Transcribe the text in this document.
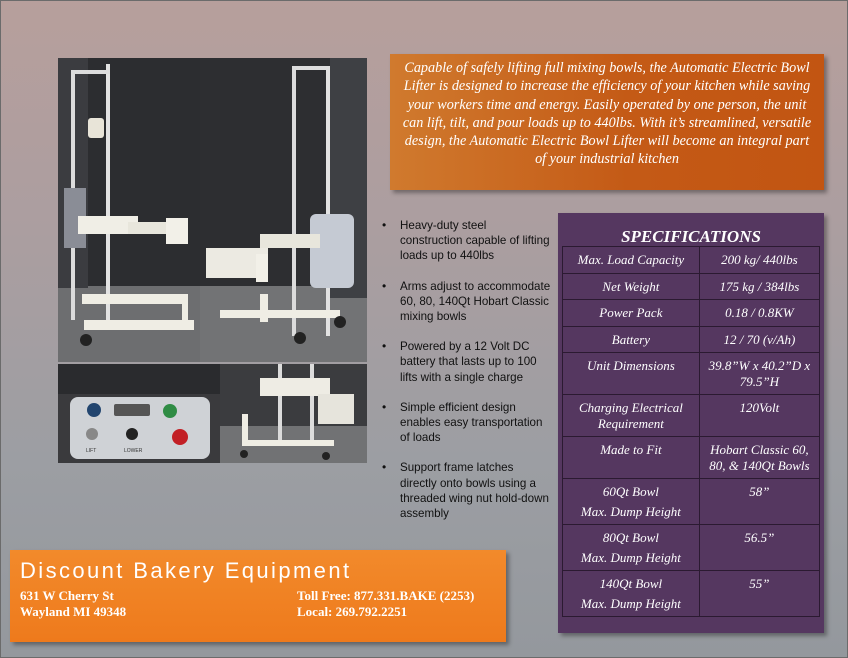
LIFT	LOWER
Capable of safely lifting full mixing bowls, the Automatic Electric Bowl Lifter is designed to increase the efficiency of your kitchen while saving your workers time and energy. Easily operated by one person, the unit can lift, tilt, and pour loads up to 440lbs. With it’s streamlined, versatile design, the Automatic Electric Bowl Lifter will become an integral part of your industrial kitchen
• Heavy-duty steel construction capable of lifting loads up to 440lbs
• Arms adjust to accommodate 60, 80, 140Qt Hobart Classic mixing bowls
• Powered by a 12 Volt DC battery that lasts up to 100 lifts with a single charge
• Simple efficient design enables easy transportation of loads
• Support frame latches directly onto bowls using a threaded wing nut hold-down assembly
SPECIFICATIONS
Max. Load Capacity	200 kg/ 440lbs
Net Weight	175 kg / 384lbs
Power Pack	0.18 / 0.8KW
Battery	12 / 70 (v/Ah)
Unit Dimensions	39.8”W x 40.2”D x 79.5”H
Charging Electrical Requirement	120Volt
Made to Fit	Hobart Classic 60, 80, & 140Qt Bowls

60Qt Bowl
Max. Dump Height	58”

80Qt Bowl
Max. Dump Height	56.5”

140Qt Bowl
Max. Dump Height	55”
Discount Bakery Equipment
631 W Cherry St
Wayland MI 49348
Toll Free: 877.331.BAKE (2253)
Local: 269.792.2251
